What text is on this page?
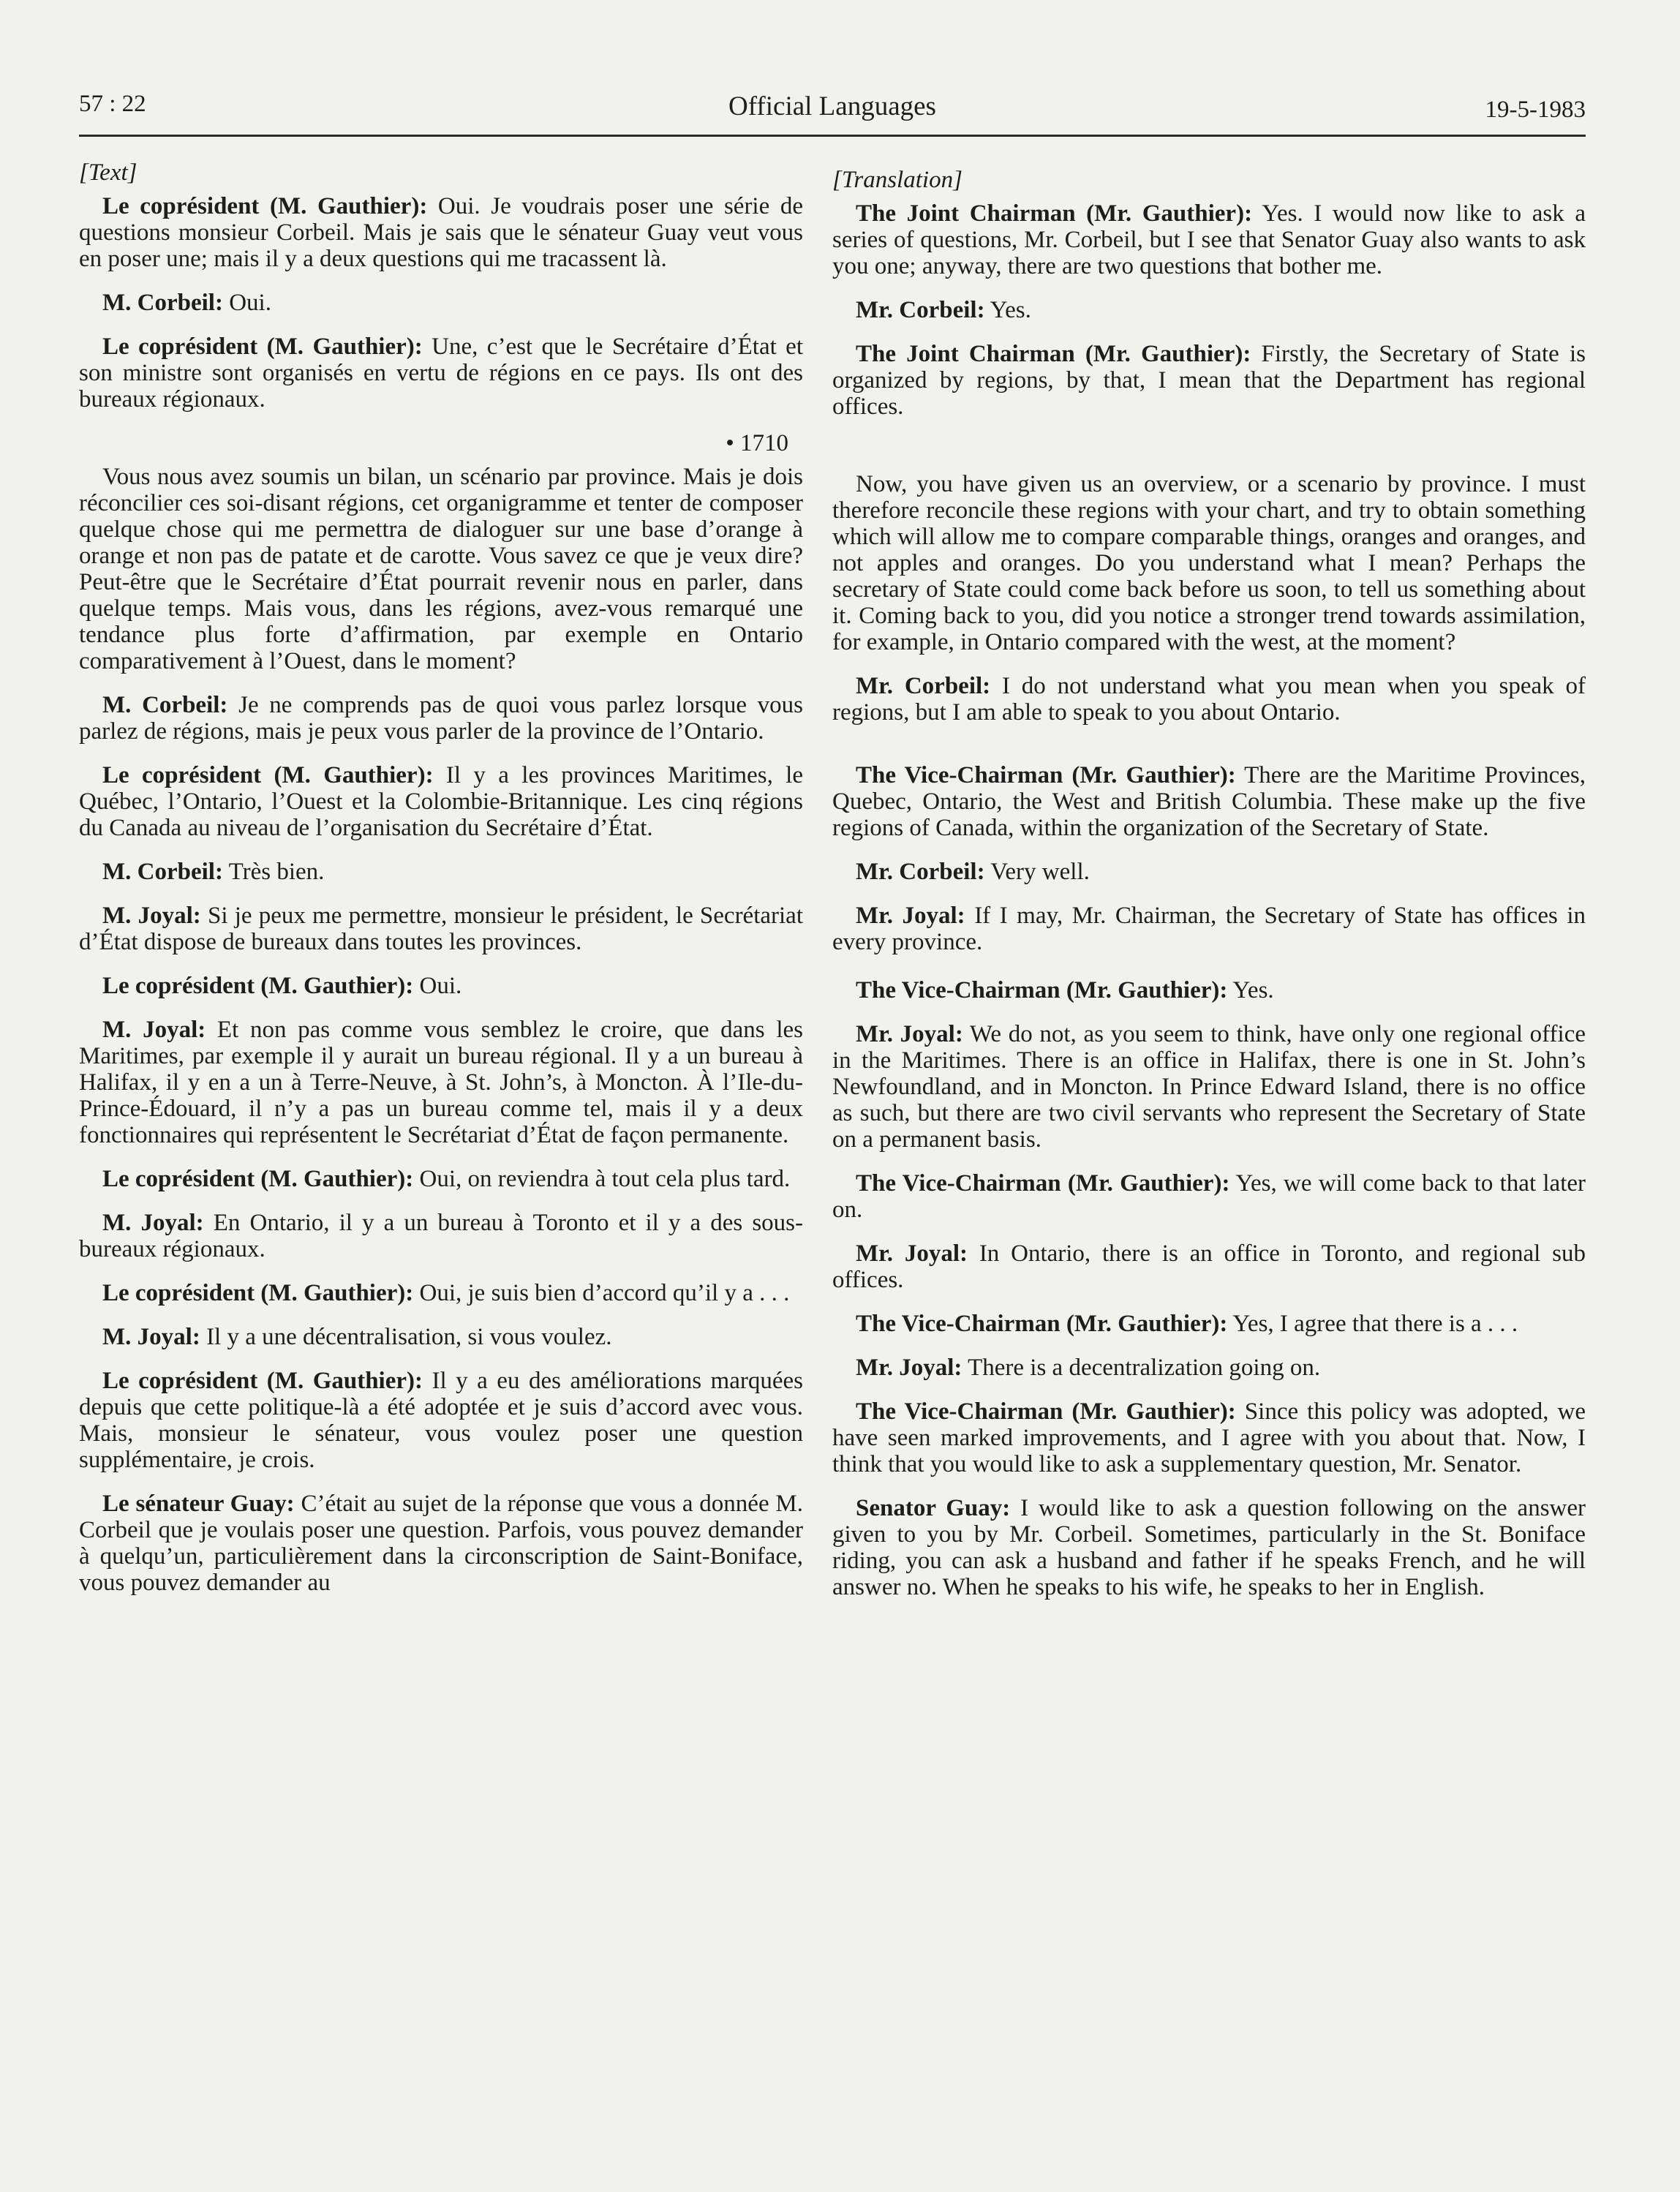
57 : 22	Official Languages	19-5-1983
[Text]
Le coprésident (M. Gauthier): Oui. Je voudrais poser une série de questions monsieur Corbeil. Mais je sais que le sénateur Guay veut vous en poser une; mais il y a deux questions qui me tracassent là.
M. Corbeil: Oui.
Le coprésident (M. Gauthier): Une, c’est que le Secrétaire d’État et son ministre sont organisés en vertu de régions en ce pays. Ils ont des bureaux régionaux.
• 1710
Vous nous avez soumis un bilan, un scénario par province. Mais je dois réconcilier ces soi-disant régions, cet organigramme et tenter de composer quelque chose qui me permettra de dialoguer sur une base d’orange à orange et non pas de patate et de carotte. Vous savez ce que je veux dire? Peut-être que le Secrétaire d’État pourrait revenir nous en parler, dans quelque temps. Mais vous, dans les régions, avez-vous remarqué une tendance plus forte d’affirmation, par exemple en Ontario comparativement à l’Ouest, dans le moment?
M. Corbeil: Je ne comprends pas de quoi vous parlez lorsque vous parlez de régions, mais je peux vous parler de la province de l’Ontario.
Le coprésident (M. Gauthier): Il y a les provinces Maritimes, le Québec, l’Ontario, l’Ouest et la Colombie-Britannique. Les cinq régions du Canada au niveau de l’organisation du Secrétaire d’État.
M. Corbeil: Très bien.
M. Joyal: Si je peux me permettre, monsieur le président, le Secrétariat d’État dispose de bureaux dans toutes les provinces.
Le coprésident (M. Gauthier): Oui.
M. Joyal: Et non pas comme vous semblez le croire, que dans les Maritimes, par exemple il y aurait un bureau régional. Il y a un bureau à Halifax, il y en a un à Terre-Neuve, à St. John’s, à Moncton. À l’Ile-du-Prince-Édouard, il n’y a pas un bureau comme tel, mais il y a deux fonctionnaires qui représentent le Secrétariat d’État de façon permanente.
Le coprésident (M. Gauthier): Oui, on reviendra à tout cela plus tard.
M. Joyal: En Ontario, il y a un bureau à Toronto et il y a des sous-bureaux régionaux.
Le coprésident (M. Gauthier): Oui, je suis bien d’accord qu’il y a . . .
M. Joyal: Il y a une décentralisation, si vous voulez.
Le coprésident (M. Gauthier): Il y a eu des améliorations marquées depuis que cette politique-là a été adoptée et je suis d’accord avec vous. Mais, monsieur le sénateur, vous voulez poser une question supplémentaire, je crois.
Le sénateur Guay: C’était au sujet de la réponse que vous a donnée M. Corbeil que je voulais poser une question. Parfois, vous pouvez demander à quelqu’un, particulièrement dans la circonscription de Saint-Boniface, vous pouvez demander au
[Translation]
The Joint Chairman (Mr. Gauthier): Yes. I would now like to ask a series of questions, Mr. Corbeil, but I see that Senator Guay also wants to ask you one; anyway, there are two questions that bother me.
Mr. Corbeil: Yes.
The Joint Chairman (Mr. Gauthier): Firstly, the Secretary of State is organized by regions, by that, I mean that the Department has regional offices.
Now, you have given us an overview, or a scenario by province. I must therefore reconcile these regions with your chart, and try to obtain something which will allow me to compare comparable things, oranges and oranges, and not apples and oranges. Do you understand what I mean? Perhaps the secretary of State could come back before us soon, to tell us something about it. Coming back to you, did you notice a stronger trend towards assimilation, for example, in Ontario compared with the west, at the moment?
Mr. Corbeil: I do not understand what you mean when you speak of regions, but I am able to speak to you about Ontario.
The Vice-Chairman (Mr. Gauthier): There are the Maritime Provinces, Quebec, Ontario, the West and British Columbia. These make up the five regions of Canada, within the organization of the Secretary of State.
Mr. Corbeil: Very well.
Mr. Joyal: If I may, Mr. Chairman, the Secretary of State has offices in every province.
The Vice-Chairman (Mr. Gauthier): Yes.
Mr. Joyal: We do not, as you seem to think, have only one regional office in the Maritimes. There is an office in Halifax, there is one in St. John’s Newfoundland, and in Moncton. In Prince Edward Island, there is no office as such, but there are two civil servants who represent the Secretary of State on a permanent basis.
The Vice-Chairman (Mr. Gauthier): Yes, we will come back to that later on.
Mr. Joyal: In Ontario, there is an office in Toronto, and regional sub offices.
The Vice-Chairman (Mr. Gauthier): Yes, I agree that there is a . . .
Mr. Joyal: There is a decentralization going on.
The Vice-Chairman (Mr. Gauthier): Since this policy was adopted, we have seen marked improvements, and I agree with you about that. Now, I think that you would like to ask a supplementary question, Mr. Senator.
Senator Guay: I would like to ask a question following on the answer given to you by Mr. Corbeil. Sometimes, particularly in the St. Boniface riding, you can ask a husband and father if he speaks French, and he will answer no. When he speaks to his wife, he speaks to her in English.
